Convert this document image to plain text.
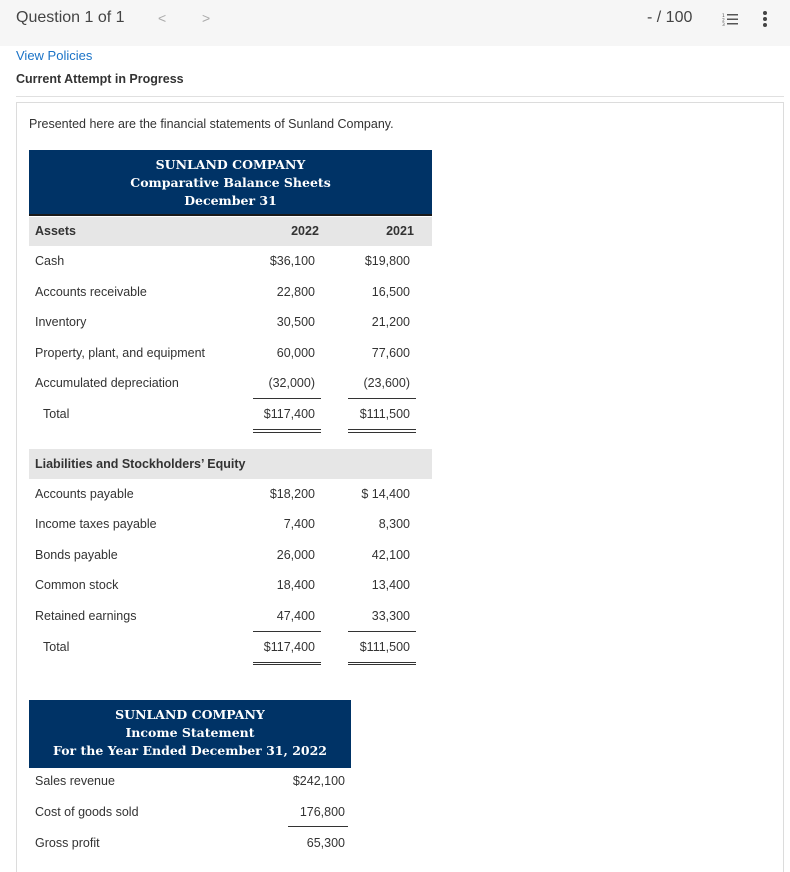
Question 1 of 1 <	>	- / 100	1
2
3
View Policies
Current Attempt in Progress
Presented here are the financial statements of Sunland Company.
SUNLAND COMPANY
Comparative Balance Sheets
December 31
Assets	2022	2021
Cash	$36,100	$19,800
Accounts receivable	22,800	16,500
Inventory	30,500	21,200
Property, plant, and equipment	60,000	77,600
Accumulated depreciation	(32,000)	(23,600)
Total	$117,400	$111,500
Liabilities and Stockholders’ Equity
Accounts payable	$18,200	$ 14,400
Income taxes payable	7,400	8,300
Bonds payable	26,000	42,100
Common stock	18,400	13,400
Retained earnings	47,400	33,300
Total	$117,400	$111,500
SUNLAND COMPANY
Income Statement
For the Year Ended December 31, 2022
Sales revenue	$242,100
Cost of goods sold	176,800
Gross profit	65,300
